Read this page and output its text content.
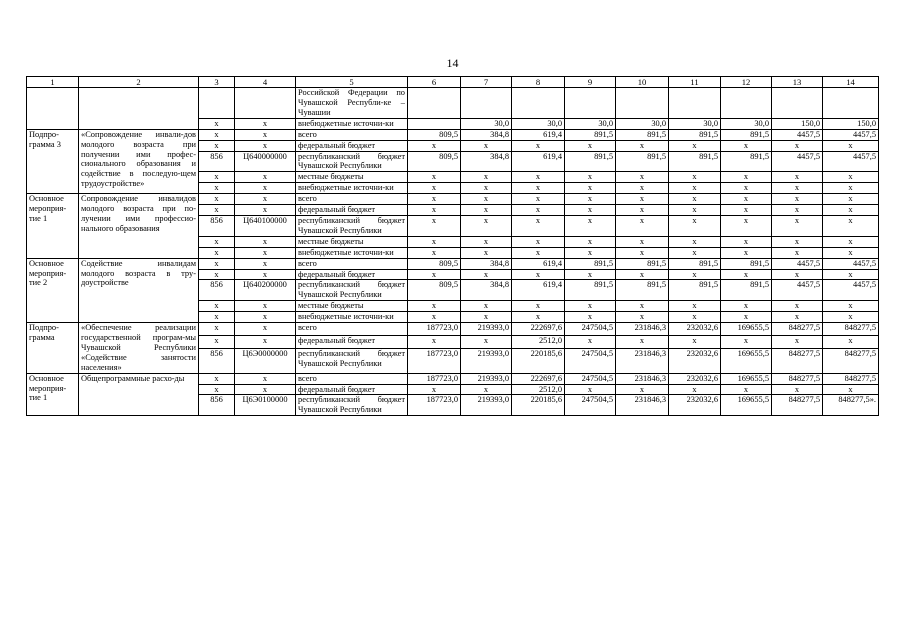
14
1	2	3	4	5	6	7	8	9	10	11	12	13	14
				Российской Федерации по Чувашской Республи-ке – Чувашии									
		x	x	внебюджетные источни-ки		30,0	30,0	30,0	30,0	30,0	30,0	150,0	150,0
Подпро-грамма 3	«Сопровождение инвали-дов молодого возраста при получении ими профес-сионального образования и содействие в последую-щем трудоустройстве»	x	x	всего	809,5	384,8	619,4	891,5	891,5	891,5	891,5	4457,5	4457,5
		x	x	федеральный бюджет	x	x	x	x	x	x	x	x	x
		856	Ц640000000	республиканский бюджет Чувашской Республики	809,5	384,8	619,4	891,5	891,5	891,5	891,5	4457,5	4457,5
		x	x	местные бюджеты	x	x	x	x	x	x	x	x	x
		x	x	внебюджетные источни-ки	x	x	x	x	x	x	x	x	x
Основное мероприя-тие 1	Сопровождение инвалидов молодого возраста при по-лучении ими профессио-нального образования	x	x	всего	x	x	x	x	x	x	x	x	x
		x	x	федеральный бюджет	x	x	x	x	x	x	x	x	x
		856	Ц640100000	республиканский бюджет Чувашской Республики	x	x	x	x	x	x	x	x	x
		x	x	местные бюджеты	x	x	x	x	x	x	x	x	x
		x	x	внебюджетные источни-ки	x	x	x	x	x	x	x	x	x
Основное мероприя-тие 2	Содействие инвалидам молодого возраста в тру-доустройстве	x	x	всего	809,5	384,8	619,4	891,5	891,5	891,5	891,5	4457,5	4457,5
		x	x	федеральный бюджет	x	x	x	x	x	x	x	x	x
		856	Ц640200000	республиканский бюджет Чувашской Республики	809,5	384,8	619,4	891,5	891,5	891,5	891,5	4457,5	4457,5
		x	x	местные бюджеты	x	x	x	x	x	x	x	x	x
		x	x	внебюджетные источни-ки	x	x	x	x	x	x	x	x	x
Подпро-грамма	«Обеспечение реализации государственной програм-мы Чувашской Республики «Содействие занятости населения»	x	x	всего	187723,0	219393,0	222697,6	247504,5	231846,3	232032,6	169655,5	848277,5	848277,5
		x	x	федеральный бюджет	x	x	2512,0	x	x	x	x	x	x
		856	Ц6Э0000000	республиканский бюджет Чувашской Республики	187723,0	219393,0	220185,6	247504,5	231846,3	232032,6	169655,5	848277,5	848277,5
Основное мероприя-тие 1	Общепрограммные расхо-ды	x	x	всего	187723,0	219393,0	222697,6	247504,5	231846,3	232032,6	169655,5	848277,5	848277,5
		x	x	федеральный бюджет	x	x	2512,0	x	x	x	x	x	x
		856	Ц6Э0100000	республиканский бюджет Чувашской Республики	187723,0	219393,0	220185,6	247504,5	231846,3	232032,6	169655,5	848277,5	848277,5».
